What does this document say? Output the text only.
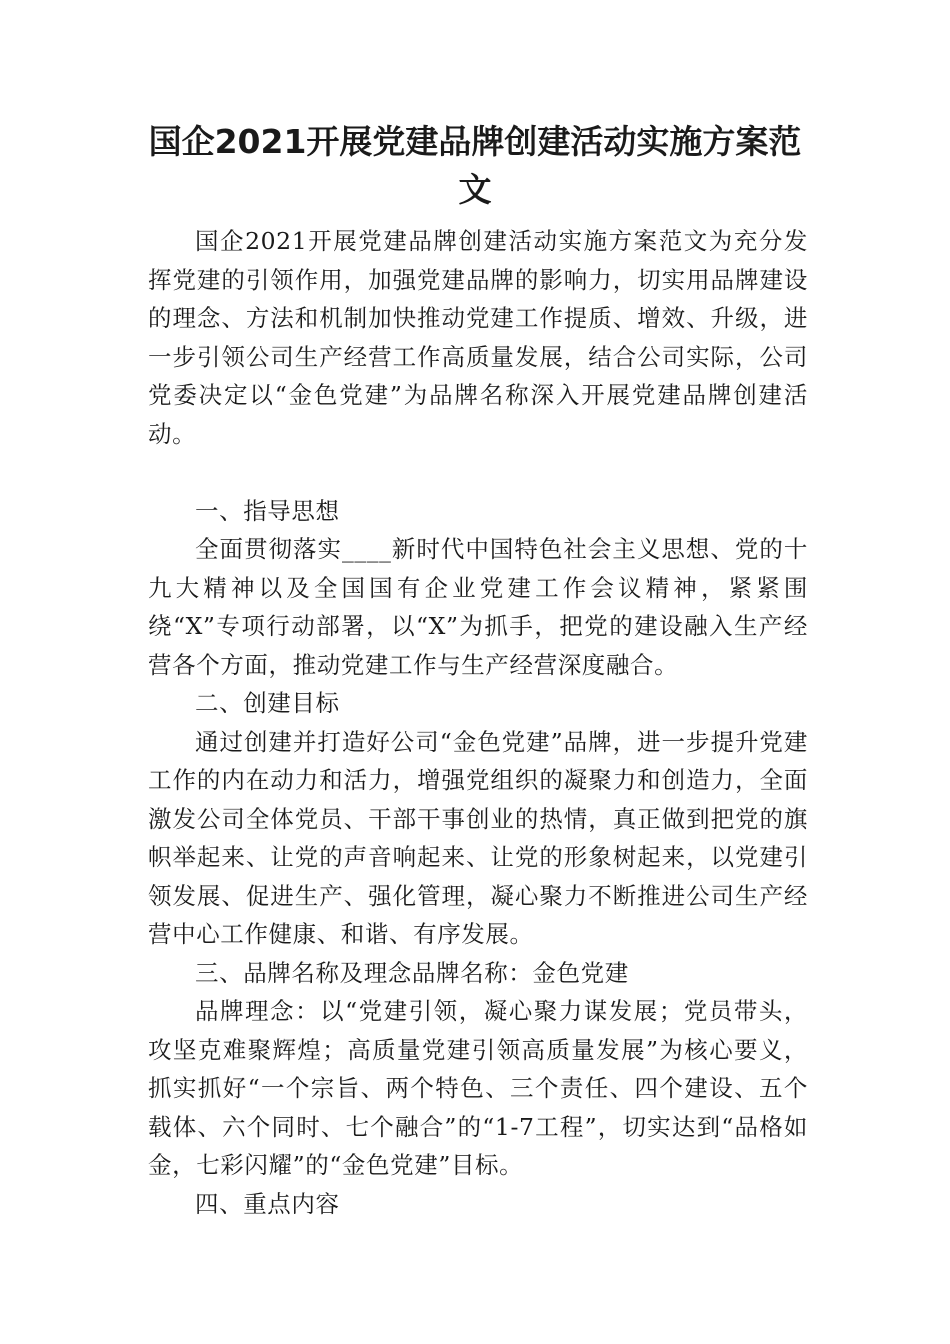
国企2021开展党建品牌创建活动实施方案范文

国企2021开展党建品牌创建活动实施方案范文为充分发挥党建的引领作用，加强党建品牌的影响力，切实用品牌建设的理念、方法和机制加快推动党建工作提质、增效、升级，进一步引领公司生产经营工作高质量发展，结合公司实际，公司党委决定以“金色党建”为品牌名称深入开展党建品牌创建活动。

一、指导思想

全面贯彻落实____新时代中国特色社会主义思想、党的十九大精神以及全国国有企业党建工作会议精神，紧紧围绕“X”专项行动部署，以“X”为抓手，把党的建设融入生产经营各个方面，推动党建工作与生产经营深度融合。

二、创建目标

通过创建并打造好公司“金色党建”品牌，进一步提升党建工作的内在动力和活力，增强党组织的凝聚力和创造力，全面激发公司全体党员、干部干事创业的热情，真正做到把党的旗帜举起来、让党的声音响起来、让党的形象树起来，以党建引领发展、促进生产、强化管理，凝心聚力不断推进公司生产经营中心工作健康、和谐、有序发展。

三、品牌名称及理念品牌名称：金色党建

品牌理念：以“党建引领，凝心聚力谋发展；党员带头，攻坚克难聚辉煌；高质量党建引领高质量发展”为核心要义，抓实抓好“一个宗旨、两个特色、三个责任、四个建设、五个载体、六个同时、七个融合”的“1-7工程”，切实达到“品格如金，七彩闪耀”的“金色党建”目标。

四、重点内容
